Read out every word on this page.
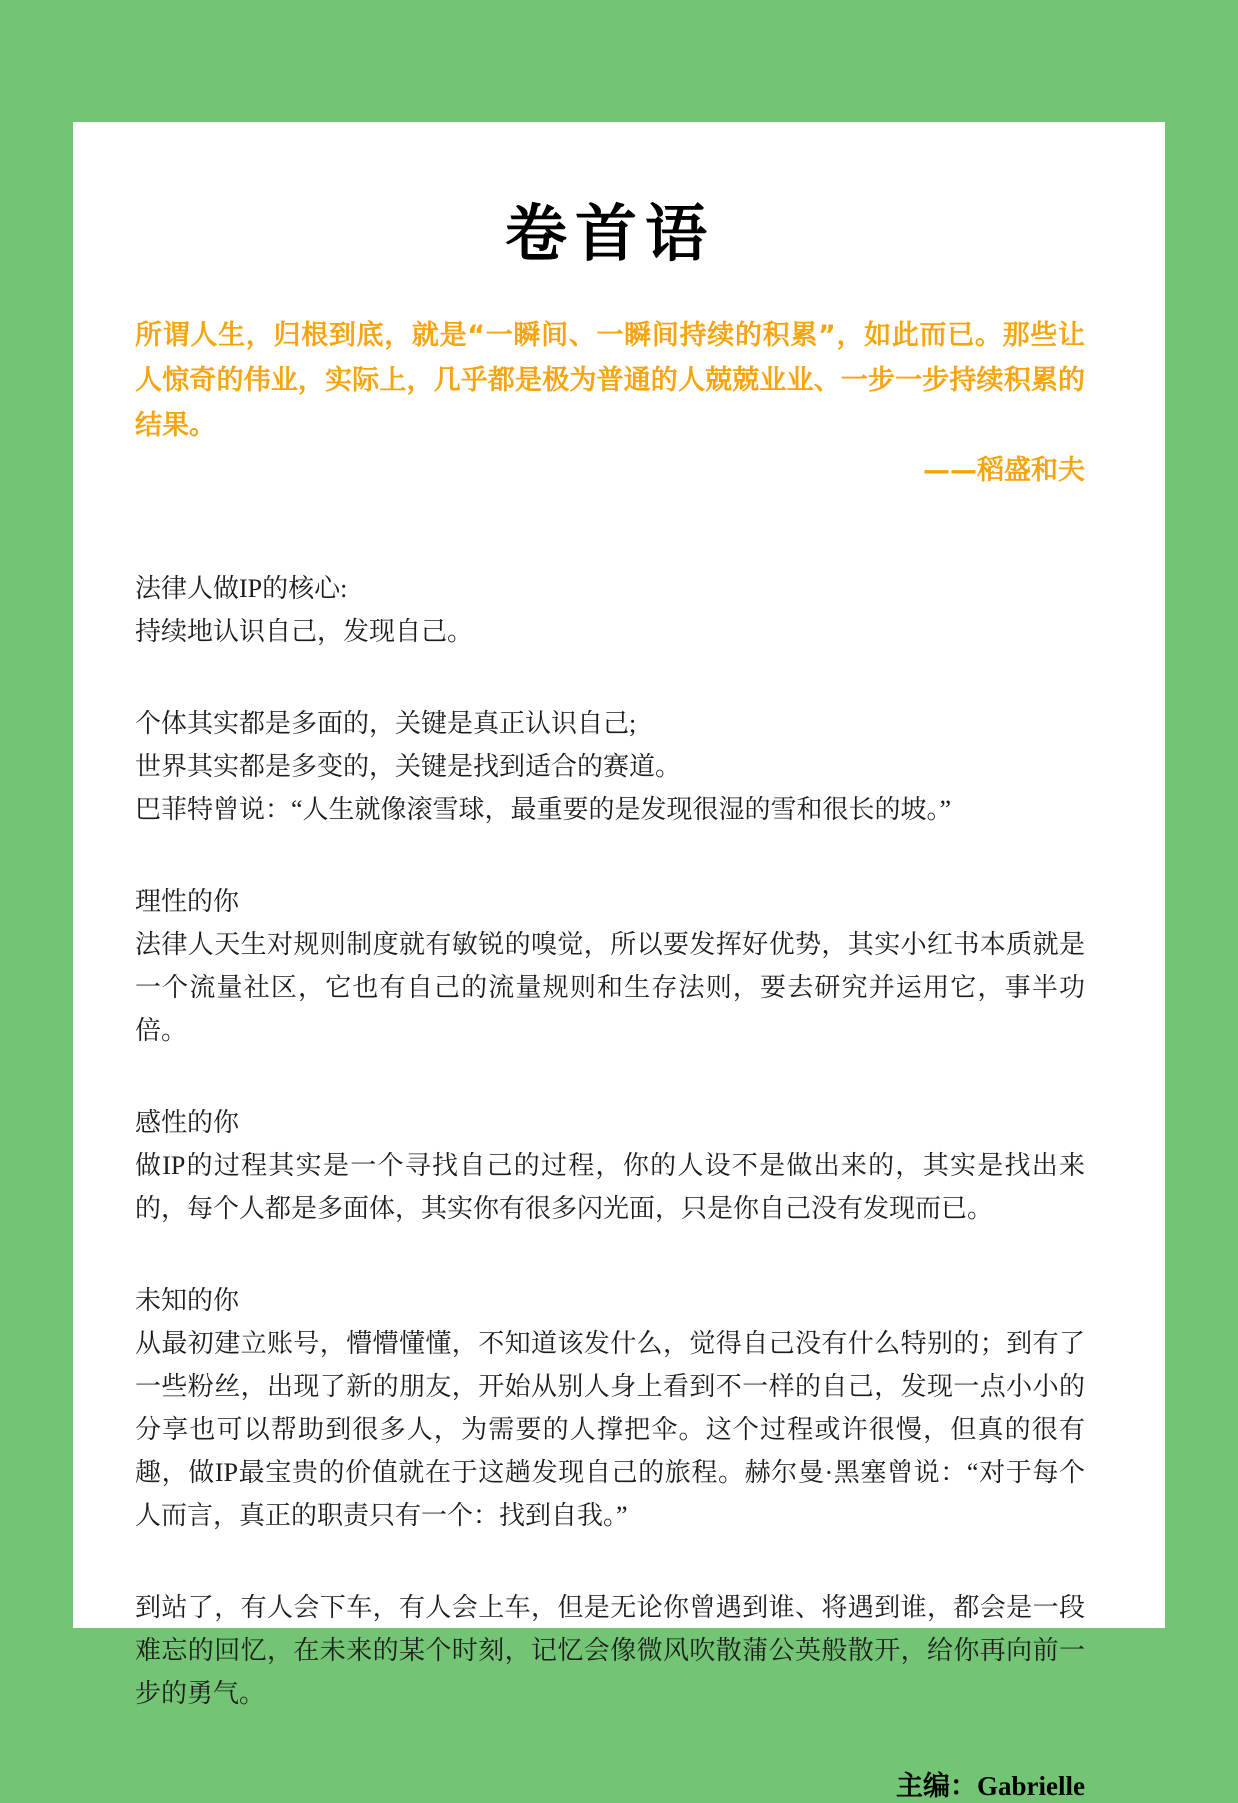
卷首语
所谓人生，归根到底，就是“一瞬间、一瞬间持续的积累”，如此而已。那些让人惊奇的伟业，实际上，几乎都是极为普通的人兢兢业业、一步一步持续积累的结果。
——稻盛和夫
法律人做IP的核心:
持续地认识自己，发现自己。
个体其实都是多面的，关键是真正认识自己;
世界其实都是多变的，关键是找到适合的赛道。
巴菲特曾说：“人生就像滚雪球，最重要的是发现很湿的雪和很长的坡。”
理性的你
法律人天生对规则制度就有敏锐的嗅觉，所以要发挥好优势，其实小红书本质就是一个流量社区，它也有自己的流量规则和生存法则，要去研究并运用它，事半功倍。
感性的你
做IP的过程其实是一个寻找自己的过程，你的人设不是做出来的，其实是找出来的，每个人都是多面体，其实你有很多闪光面，只是你自己没有发现而已。
未知的你
从最初建立账号，懵懵懂懂，不知道该发什么，觉得自己没有什么特别的；到有了一些粉丝，出现了新的朋友，开始从别人身上看到不一样的自己，发现一点小小的分享也可以帮助到很多人，为需要的人撑把伞。这个过程或许很慢，但真的很有趣，做IP最宝贵的价值就在于这趟发现自己的旅程。赫尔曼·黑塞曾说：“对于每个人而言，真正的职责只有一个：找到自我。”
到站了，有人会下车，有人会上车，但是无论你曾遇到谁、将遇到谁，都会是一段难忘的回忆，在未来的某个时刻，记忆会像微风吹散蒲公英般散开，给你再向前一步的勇气。
主编：Gabrielle
